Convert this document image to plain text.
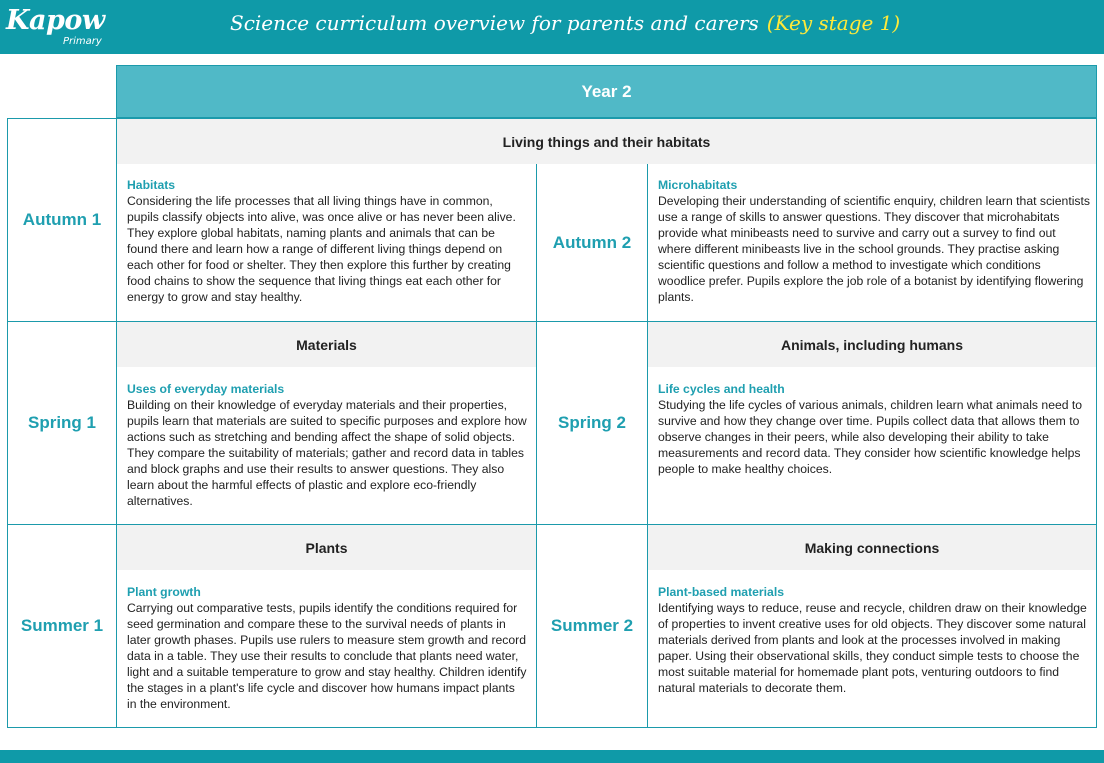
Kapow
Primary
Science curriculum overview for parents and carers (Key stage 1)
Year 2
Living things and their habitats
Autumn 1
Habitats
Considering the life processes that all living things have in common, pupils classify objects into alive, was once alive or has never been alive. They explore global habitats, naming plants and animals that can be found there and learn how a range of different living things depend on each other for food or shelter. They then explore this further by creating food chains to show the sequence that living things eat each other for energy to grow and stay healthy.
Autumn 2
Microhabitats
Developing their understanding of scientific enquiry, children learn that scientists use a range of skills to answer questions. They discover that microhabitats provide what minibeasts need to survive and carry out a survey to find out where different minibeasts live in the school grounds. They practise asking scientific questions and follow a method to investigate which conditions woodlice prefer. Pupils explore the job role of a botanist by identifying flowering plants.
Materials	Animals, including humans
Spring 1
Uses of everyday materials
Building on their knowledge of everyday materials and their properties, pupils learn that materials are suited to specific purposes and explore how actions such as stretching and bending affect the shape of solid objects. They compare the suitability of materials; gather and record data in tables and block graphs and use their results to answer questions. They also learn about the harmful effects of plastic and explore eco-friendly alternatives.
Spring 2
Life cycles and health
Studying the life cycles of various animals, children learn what animals need to survive and how they change over time. Pupils collect data that allows them to observe changes in their peers, while also developing their ability to take measurements and record data. They consider how scientific knowledge helps people to make healthy choices.
Plants	Making connections
Summer 1
Plant growth
Carrying out comparative tests, pupils identify the conditions required for seed germination and compare these to the survival needs of plants in later growth phases. Pupils use rulers to measure stem growth and record data in a table. They use their results to conclude that plants need water, light and a suitable temperature to grow and stay healthy. Children identify the stages in a plant's life cycle and discover how humans impact plants in the environment.
Summer 2
Plant-based materials
Identifying ways to reduce, reuse and recycle, children draw on their knowledge of properties to invent creative uses for old objects. They discover some natural materials derived from plants and look at the processes involved in making paper. Using their observational skills, they conduct simple tests to choose the most suitable material for homemade plant pots, venturing outdoors to find natural materials to decorate them.
